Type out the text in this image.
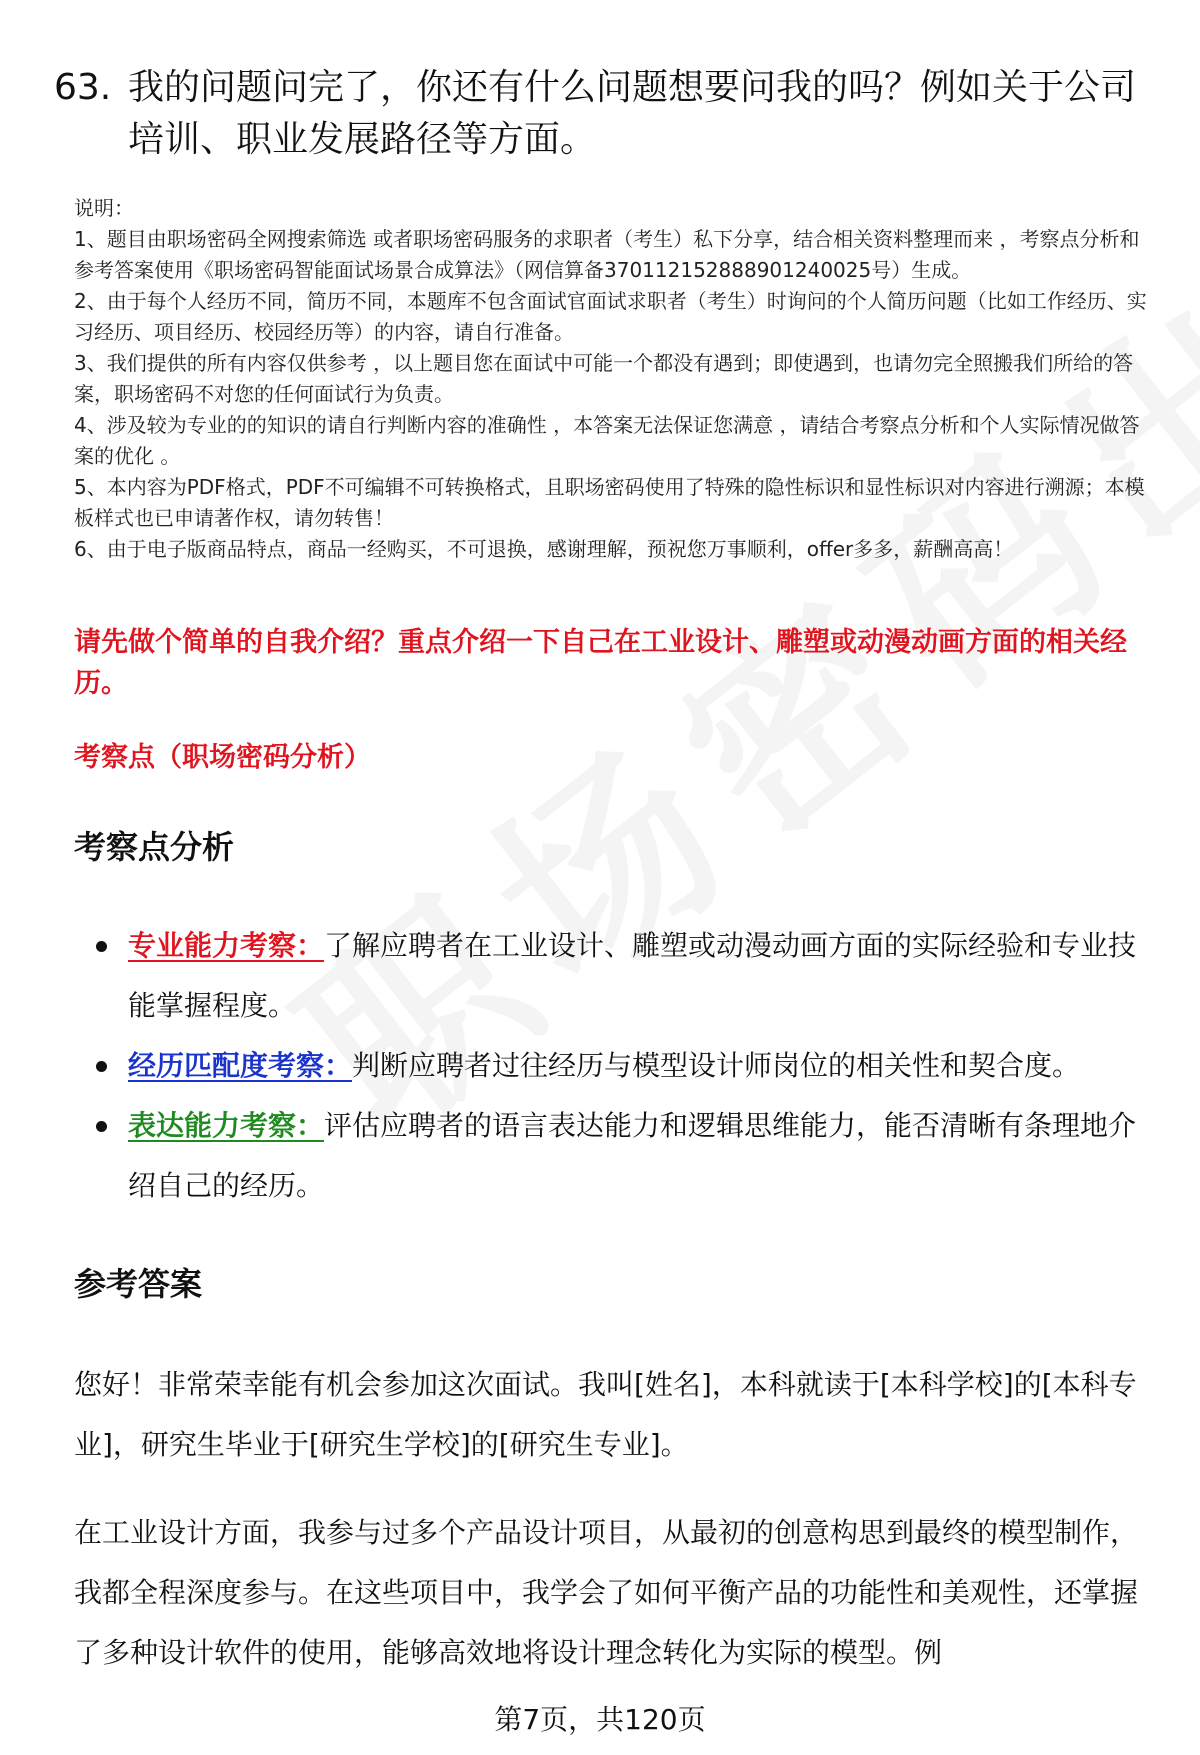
63. 我的问题问完了，你还有什么问题想要问我的吗？例如关于公司培训、职业发展路径等方面。

说明：

1、题目由职场密码全网搜索筛选 或者职场密码服务的求职者（考生）私下分享，结合相关资料整理而来 ，考察点分析和参考答案使用《职场密码智能面试场景合成算法》（网信算备370112152888901240025号）生成。

2、由于每个人经历不同，简历不同，本题库不包含面试官面试求职者（考生）时询问的个人简历问题（比如工作经历、实习经历、项目经历、校园经历等）的内容，请自行准备。

3、我们提供的所有内容仅供参考 ，以上题目您在面试中可能一个都没有遇到；即使遇到，也请勿完全照搬我们所给的答案，职场密码不对您的任何面试行为负责。

4、涉及较为专业的的知识的请自行判断内容的准确性 ，本答案无法保证您满意 ，请结合考察点分析和个人实际情况做答案的优化 。

5、本内容为PDF格式，PDF不可编辑不可转换格式，且职场密码使用了特殊的隐性标识和显性标识对内容进行溯源；本模板样式也已申请著作权，请勿转售！

6、由于电子版商品特点，商品一经购买，不可退换，感谢理解，预祝您万事顺利，offer多多，薪酬高高！

请先做个简单的自我介绍？重点介绍一下自己在工业设计、雕塑或动漫动画方面的相关经历。
考察点（职场密码分析）
考察点分析
专业能力考察：了解应聘者在工业设计、雕塑或动漫动画方面的实际经验和专业技能掌握程度。
经历匹配度考察：判断应聘者过往经历与模型设计师岗位的相关性和契合度。
表达能力考察：评估应聘者的语言表达能力和逻辑思维能力，能否清晰有条理地介绍自己的经历。
参考答案

您好！非常荣幸能有机会参加这次面试。我叫[姓名]，本科就读于[本科学校]的[本科专业]，研究生毕业于[研究生学校]的[研究生专业]。

在工业设计方面，我参与过多个产品设计项目，从最初的创意构思到最终的模型制作，我都全程深度参与。在这些项目中，我学会了如何平衡产品的功能性和美观性，还掌握了多种设计软件的使用，能够高效地将设计理念转化为实际的模型。例

第7页，共120页
